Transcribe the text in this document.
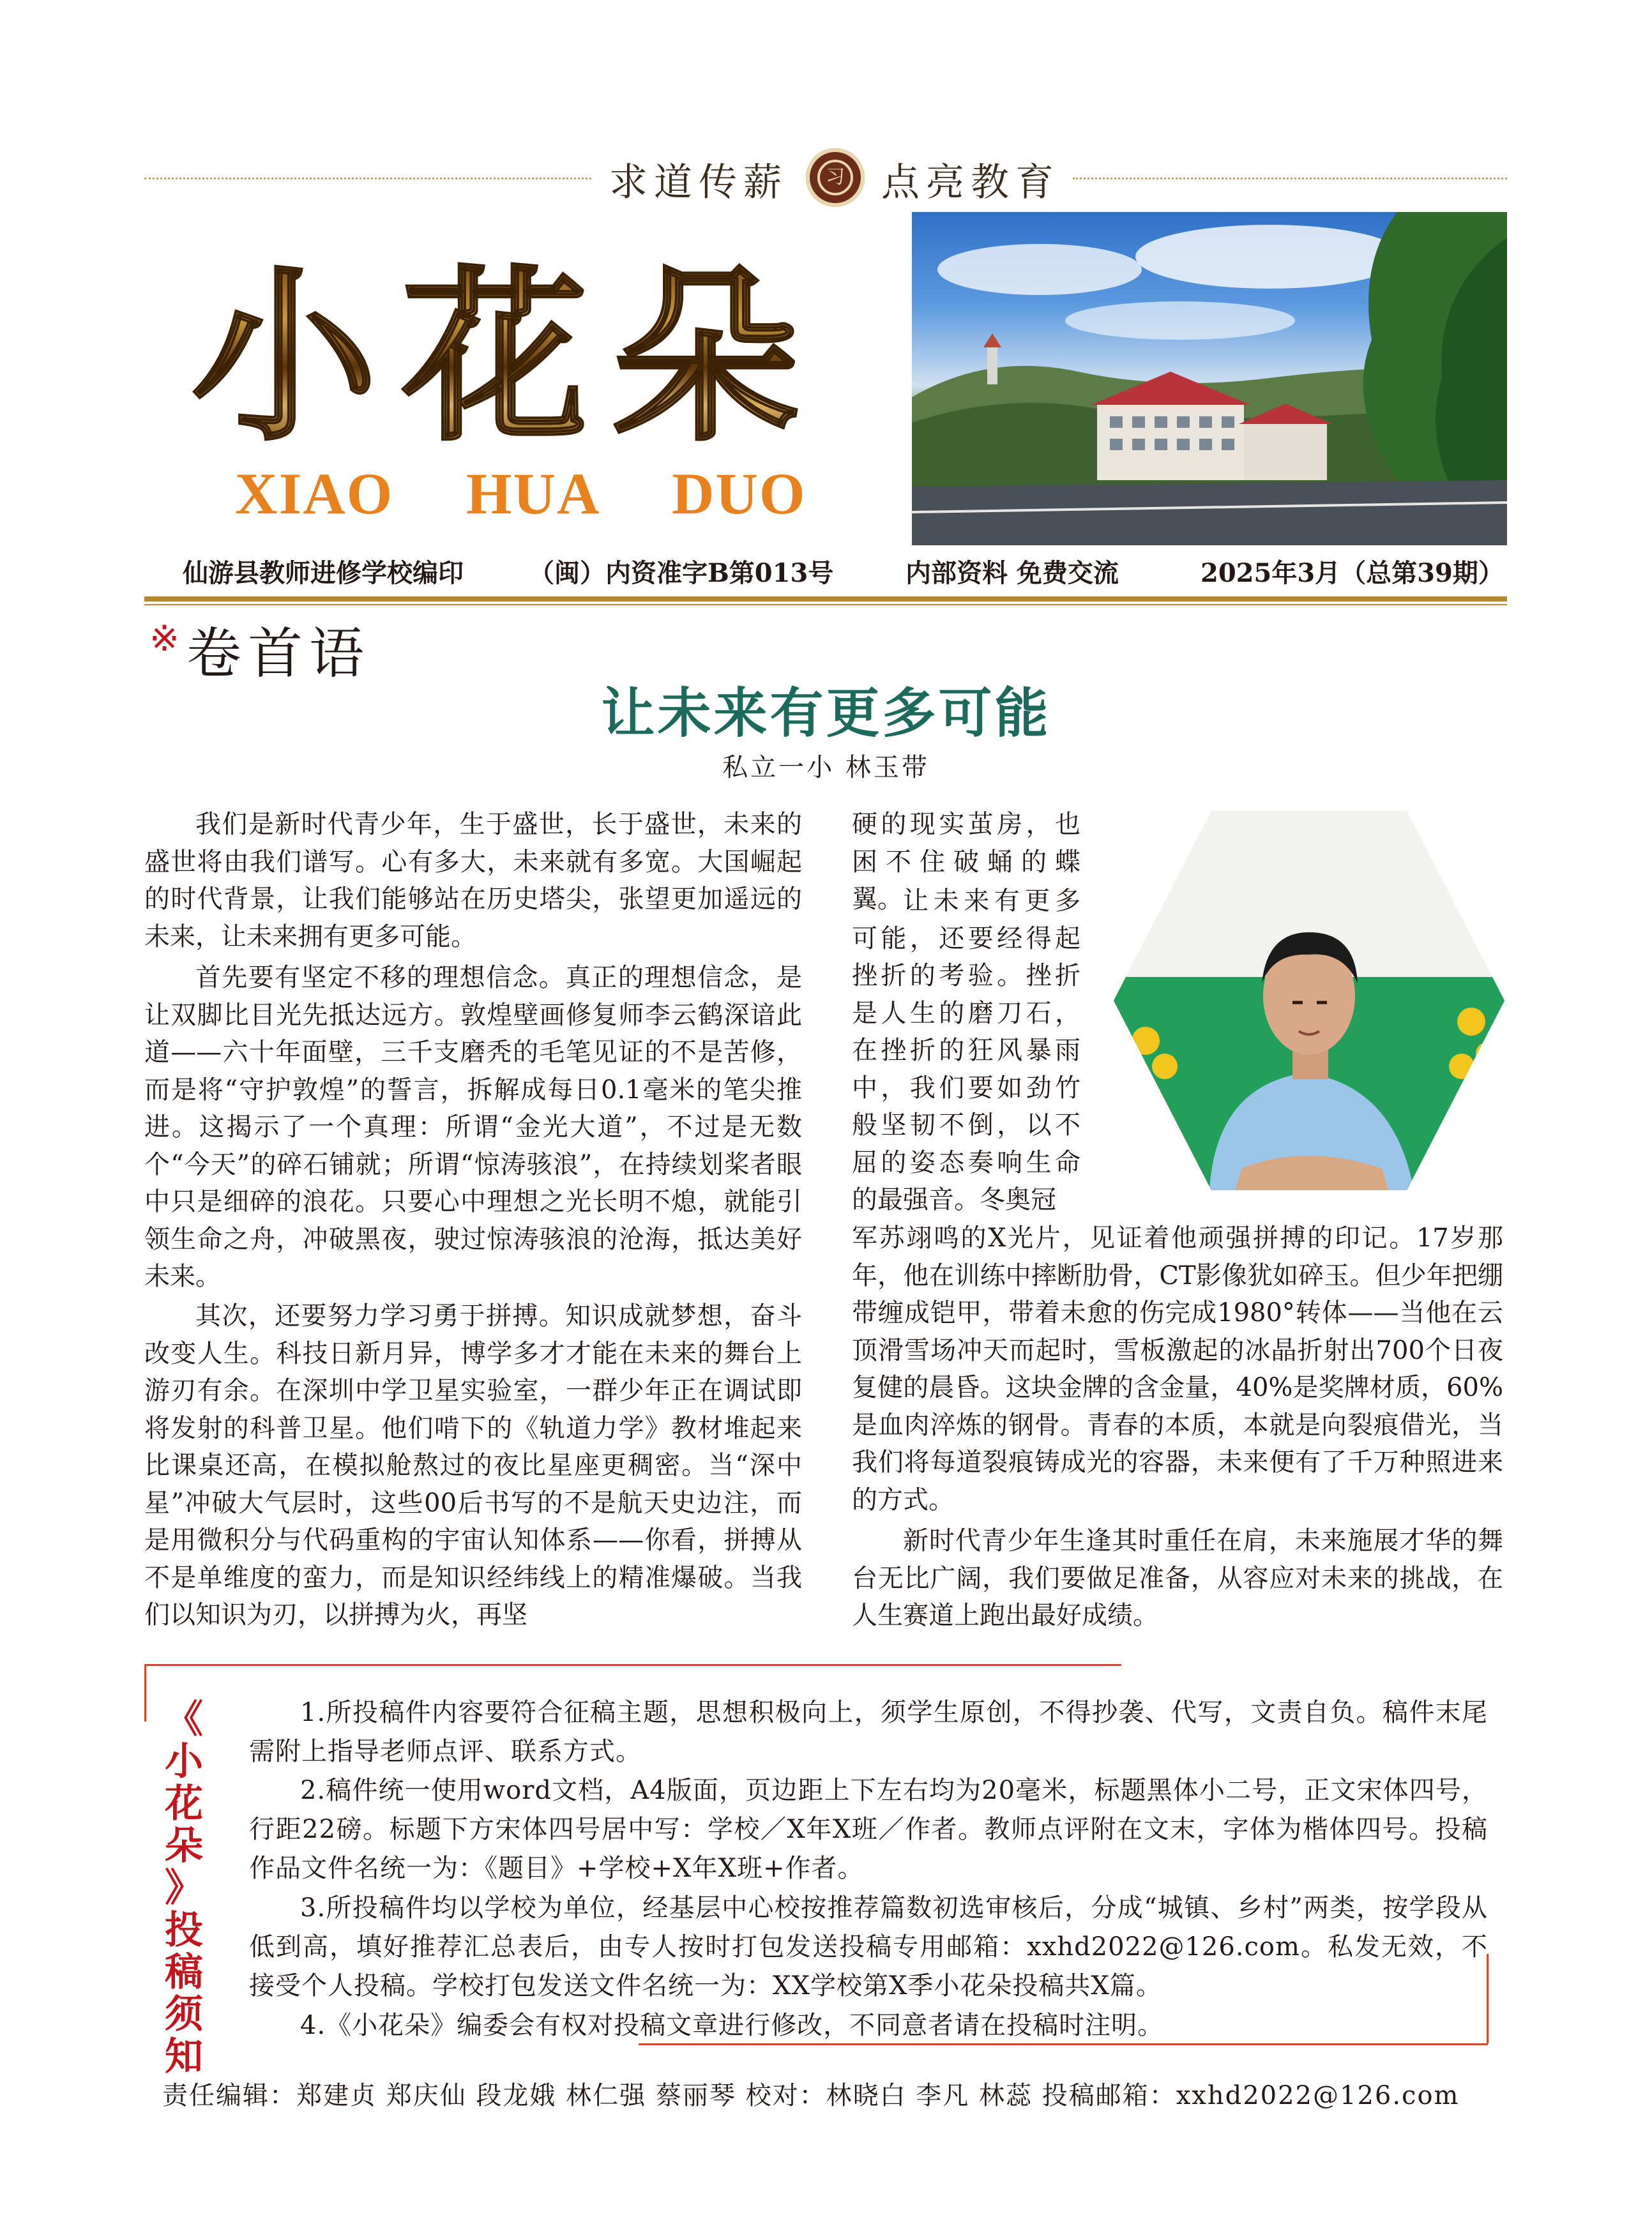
求道传薪	习 点亮教育
小花朵
XIAO HUA DUO
仙游县教师进修学校编印	（闽）内资准字B第013号	内部资料 免费交流	2025年3月（总第39期）
※ 卷首语
让未来有更多可能
私立一小 林玉带

我们是新时代青少年，生于盛世，长于盛世，未来的盛世将由我们谱写。心有多大，未来就有多宽。大国崛起的时代背景，让我们能够站在历史塔尖，张望更加遥远的未来，让未来拥有更多可能。

首先要有坚定不移的理想信念。真正的理想信念，是让双脚比目光先抵达远方。敦煌壁画修复师李云鹤深谙此道——六十年面壁，三千支磨秃的毛笔见证的不是苦修，而是将“守护敦煌”的誓言，拆解成每日0.1毫米的笔尖推进。这揭示了一个真理：所谓“金光大道”，不过是无数个“今天”的碎石铺就；所谓“惊涛骇浪”，在持续划桨者眼中只是细碎的浪花。只要心中理想之光长明不熄，就能引领生命之舟，冲破黑夜，驶过惊涛骇浪的沧海，抵达美好未来。

其次，还要努力学习勇于拼搏。知识成就梦想，奋斗改变人生。科技日新月异，博学多才才能在未来的舞台上游刃有余。在深圳中学卫星实验室，一群少年正在调试即将发射的科普卫星。他们啃下的《轨道力学》教材堆起来比课桌还高，在模拟舱熬过的夜比星座更稠密。当“深中星”冲破大气层时，这些00后书写的不是航天史边注，而是用微积分与代码重构的宇宙认知体系——你看，拼搏从不是单维度的蛮力，而是知识经纬线上的精准爆破。当我们以知识为刃，以拼搏为火，再坚

硬的现实茧房，也困不住破蛹的蝶翼。 让未来有更多可能，还要经得起挫折的考验。挫折是人生的磨刀石，在挫折的狂风暴雨中，我们要如劲竹般坚韧不倒，以不屈的姿态奏响生命的最强音。冬奥冠

军苏翊鸣的X光片，见证着他顽强拼搏的印记。17岁那年，他在训练中摔断肋骨，CT影像犹如碎玉。但少年把绷带缠成铠甲，带着未愈的伤完成1980°转体——当他在云顶滑雪场冲天而起时，雪板激起的冰晶折射出700个日夜复健的晨昏。这块金牌的含金量，40%是奖牌材质，60%是血肉淬炼的钢骨。青春的本质，本就是向裂痕借光，当我们将每道裂痕铸成光的容器，未来便有了千万种照进来的方式。

新时代青少年生逢其时重任在肩，未来施展才华的舞台无比广阔，我们要做足准备，从容应对未来的挑战，在人生赛道上跑出最好成绩。

《
小
花
朵
》
投
稿
须
知

1.所投稿件内容要符合征稿主题，思想积极向上，须学生原创，不得抄袭、代写，文责自负。稿件末尾需附上指导老师点评、联系方式。

2.稿件统一使用word文档，A4版面，页边距上下左右均为20毫米，标题黑体小二号，正文宋体四号，行距22磅。标题下方宋体四号居中写：学校／X年X班／作者。教师点评附在文末，字体为楷体四号。投稿作品文件名统一为：《题目》+学校+X年X班+作者。

3.所投稿件均以学校为单位，经基层中心校按推荐篇数初选审核后，分成“城镇、乡村”两类，按学段从低到高，填好推荐汇总表后，由专人按时打包发送投稿专用邮箱：xxhd2022@126.com。私发无效，不接受个人投稿。学校打包发送文件名统一为：XX学校第X季小花朵投稿共X篇。

4.《小花朵》编委会有权对投稿文章进行修改，不同意者请在投稿时注明。

责任编辑：郑建贞 郑庆仙 段龙娥 林仁强 蔡丽琴 校对：林晓白 李凡 林蕊 投稿邮箱：xxhd2022@126.com
